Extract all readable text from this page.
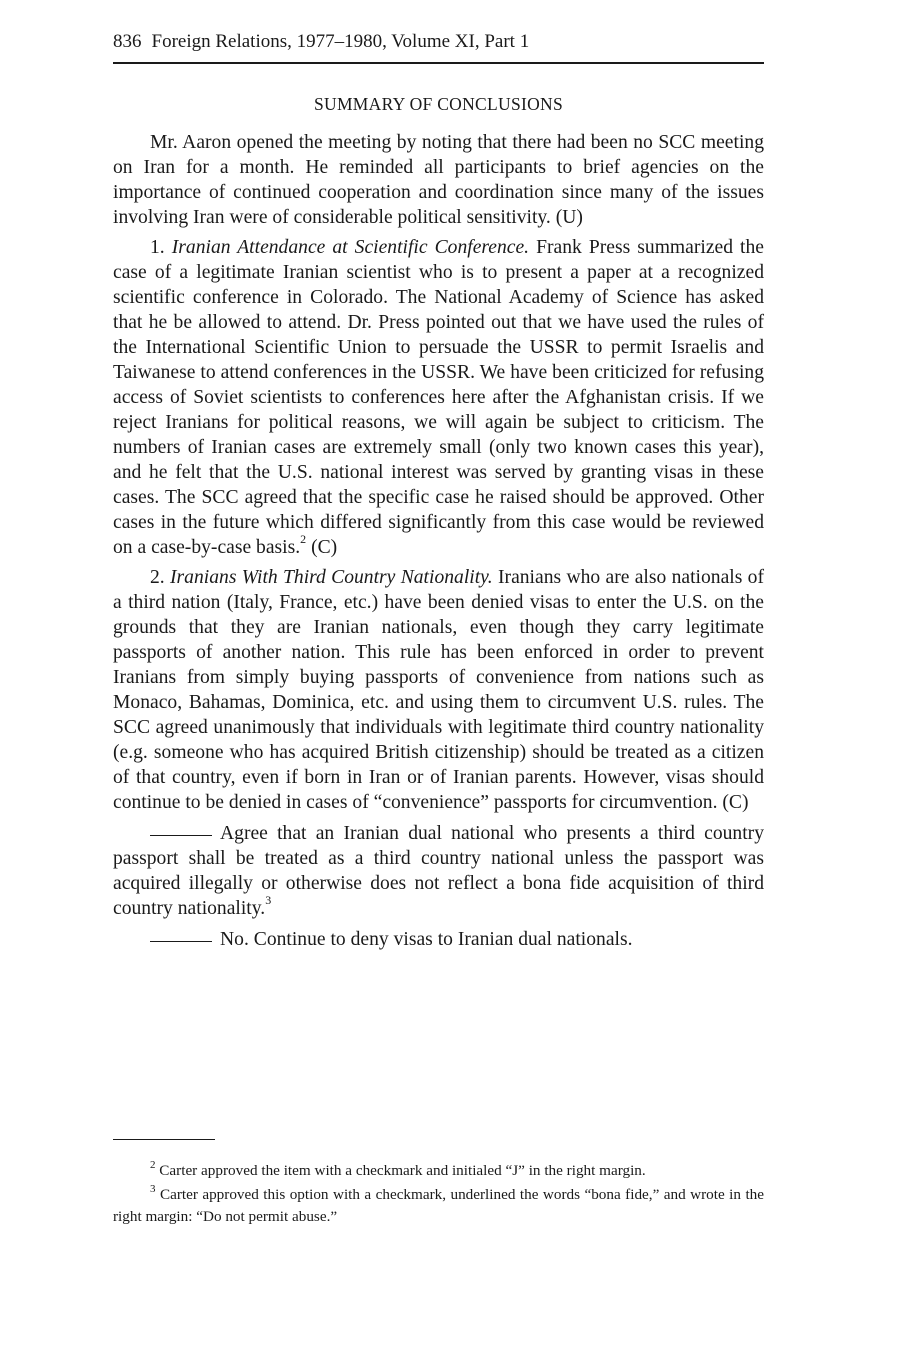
836 Foreign Relations, 1977–1980, Volume XI, Part 1
SUMMARY OF CONCLUSIONS

Mr. Aaron opened the meeting by noting that there had been no SCC meeting on Iran for a month. He reminded all participants to brief agencies on the importance of continued cooperation and coordination since many of the issues involving Iran were of considerable political sensitivity. (U)

1. Iranian Attendance at Scientific Conference. Frank Press summarized the case of a legitimate Iranian scientist who is to present a paper at a recognized scientific conference in Colorado. The National Academy of Science has asked that he be allowed to attend. Dr. Press pointed out that we have used the rules of the International Scientific Union to persuade the USSR to permit Israelis and Taiwanese to attend conferences in the USSR. We have been criticized for refusing access of Soviet scientists to conferences here after the Afghanistan crisis. If we reject Iranians for political reasons, we will again be subject to criticism. The numbers of Iranian cases are extremely small (only two known cases this year), and he felt that the U.S. national interest was served by granting visas in these cases. The SCC agreed that the specific case he raised should be approved. Other cases in the future which differed significantly from this case would be reviewed on a case-by-case basis.$^2$ (C)

2. Iranians With Third Country Nationality. Iranians who are also nationals of a third nation (Italy, France, etc.) have been denied visas to enter the U.S. on the grounds that they are Iranian nationals, even though they carry legitimate passports of another nation. This rule has been enforced in order to prevent Iranians from simply buying passports of convenience from nations such as Monaco, Bahamas, Dominica, etc. and using them to circumvent U.S. rules. The SCC agreed unanimously that individuals with legitimate third country nationality (e.g. someone who has acquired British citizenship) should be treated as a citizen of that country, even if born in Iran or of Iranian parents. However, visas should continue to be denied in cases of “convenience” passports for circumvention. (C)

Agree that an Iranian dual national who presents a third country passport shall be treated as a third country national unless the passport was acquired illegally or otherwise does not reflect a bona fide acquisition of third country nationality.$^3$

No. Continue to deny visas to Iranian dual nationals.

$^2$ Carter approved the item with a checkmark and initialed “J” in the right margin.

$^3$ Carter approved this option with a checkmark, underlined the words “bona fide,” and wrote in the right margin: “Do not permit abuse.”
